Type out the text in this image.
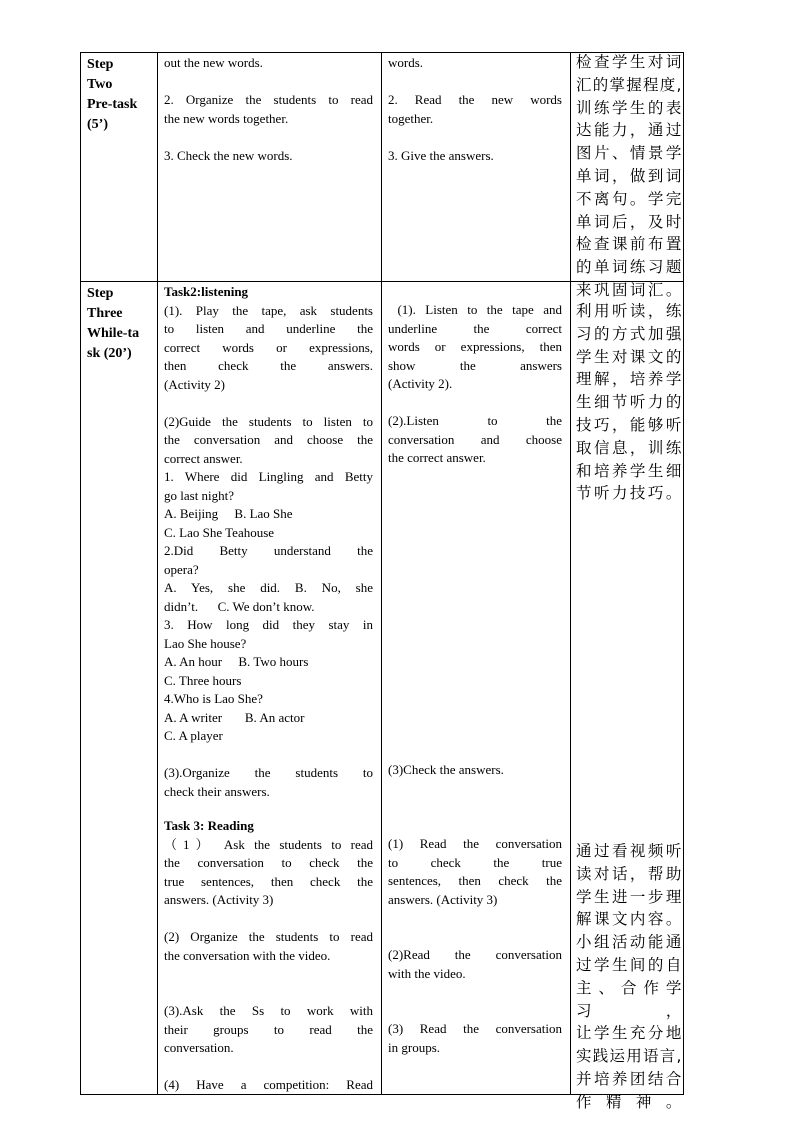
Step
Two
Pre-task
(5’)
out the new words.
2. Organize the students to read
the new words together.
3. Check the new words.
words.
2. Read the new words
together.
3. Give the answers.
检查学生对词
汇的掌握程度,
训练学生的表
达能力，通过
图片、情景学
单词，做到词
不离句。学完
单词后，及时
检查课前布置
的单词练习题
来巩固词汇。
Step
Three
While-ta
sk (20’)
Task2:listening
(1). Play the tape, ask students
to listen and underline the
correct words or expressions,
then check the answers.
(Activity 2)
(2)Guide the students to listen to
the conversation and choose the
correct answer.
1. Where did Lingling and Betty
go last night?
A. Beijing     B. Lao She
C. Lao She Teahouse
2.Did Betty understand the
opera?
A. Yes, she did. B. No, she
didn’t.      C. We don’t know.
3. How long did they stay in
Lao She house?
A. An hour     B. Two hours
C. Three hours
4.Who is Lao She?
A. A writer       B. An actor
C. A player
(3).Organize the students to
check their answers.
Task 3: Reading
（1） Ask the students to read
the conversation to check the
true sentences, then check the
answers. (Activity 3)
(2) Organize the students to read
the conversation with the video.
(3).Ask the Ss to work with
their groups to read the
conversation.
(4) Have a competition: Read
(1). Listen to the tape and
underline the correct
words or expressions, then
show the answers
(Activity 2).
(2).Listen to the
conversation and choose
the correct answer.
(3)Check the answers.
(1) Read the conversation
to check the true
sentences, then check the
answers. (Activity 3)
(2)Read the conversation
with the video.
(3) Read the conversation
in groups.
利用听读，练
习的方式加强
学生对课文的
理解，培养学
生细节听力的
技巧，能够听
取信息，训练
和培养学生细
节听力技巧。
通过看视频听
读对话，帮助
学生进一步理
解课文内容。
小组活动能通
过学生间的自
主、合作学习，
让学生充分地
实践运用语言,
并培养团结合
作精神。
